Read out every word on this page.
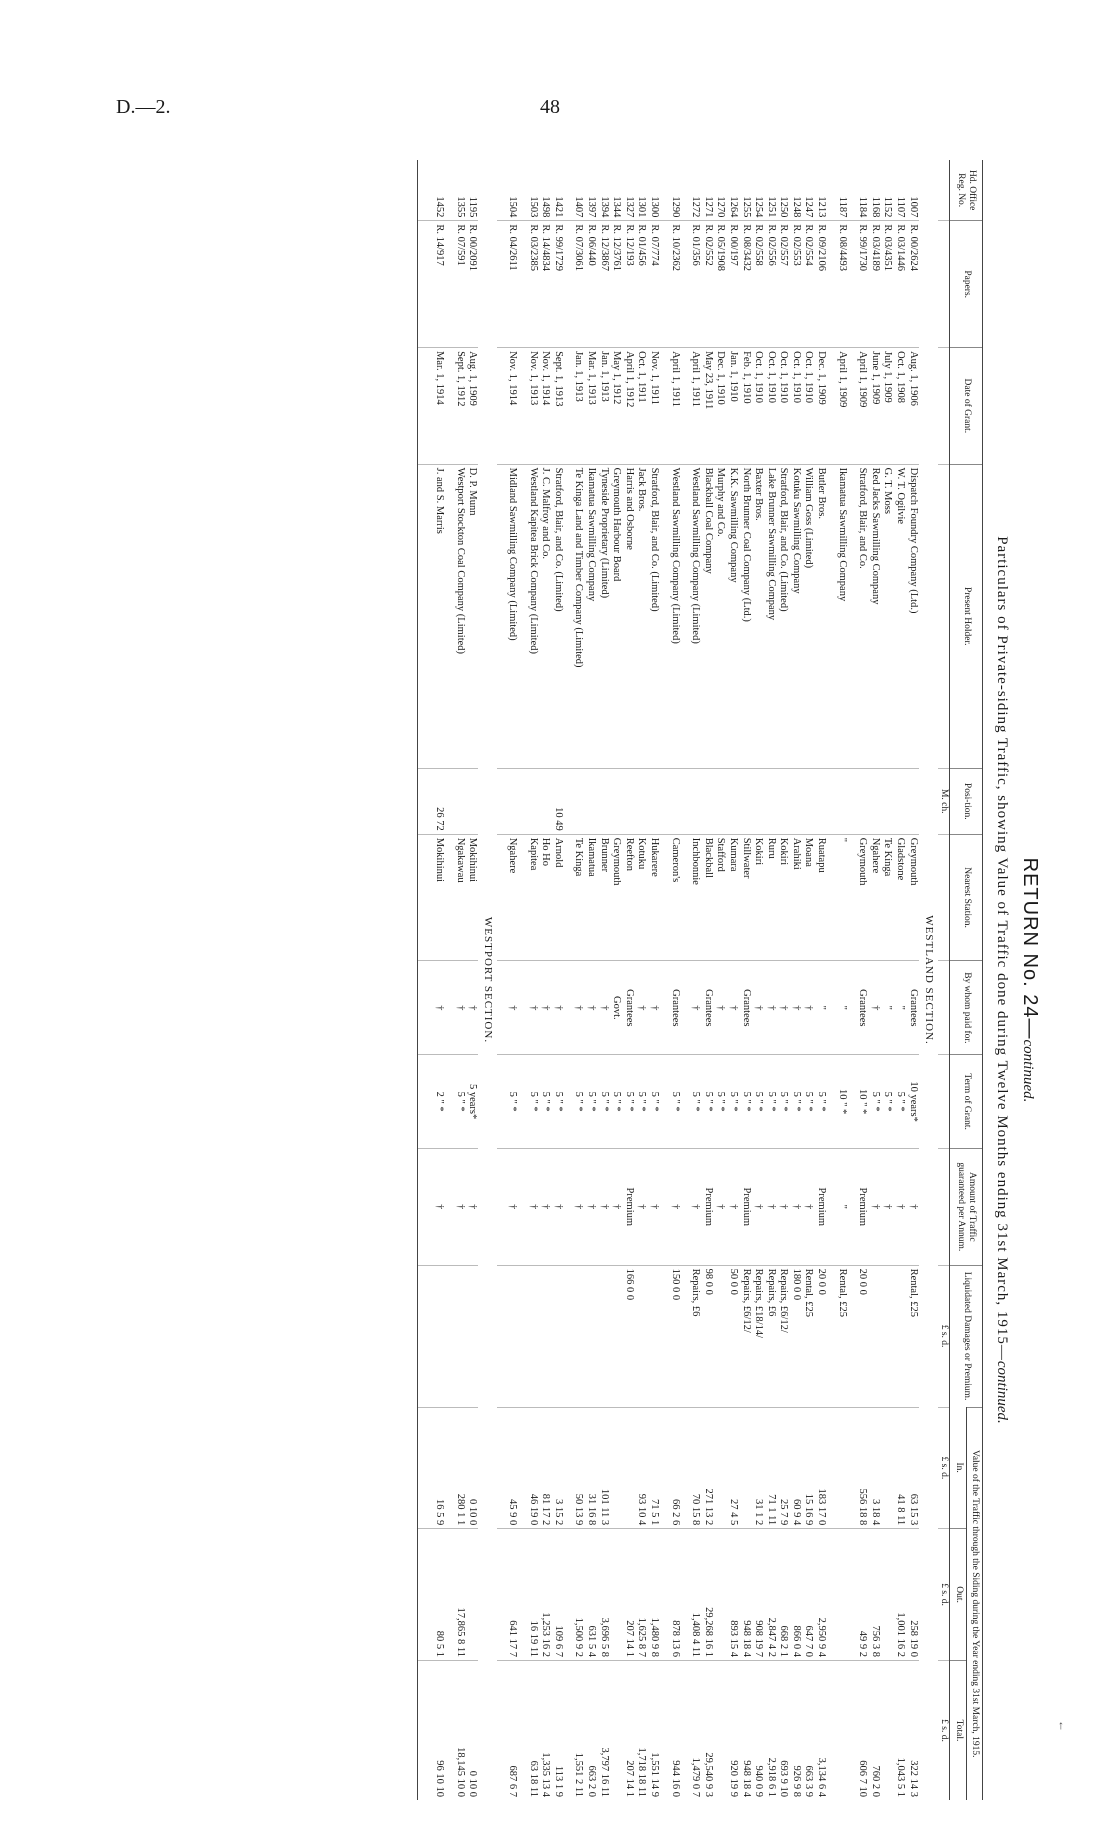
D.—2.	48
↑
RETURN No. 24—continued.
Particulars of Private-siding Traffic, showing Value of Traffic done during Twelve Months ending 31st March, 1915—continued.
Hd. Office Reg. No.	Papers.	Date of Grant.	Present Holder.	Posi-tion.	Nearest Station.	By whom paid for.	Term of Grant.	Amount of Traffic guaranteed per Annum.	Liquidated Damages or Premium.	Value of the Traffic through the Siding during the Year ending 31st March, 1915.		
										In.	Out.	Total.
				M. ch.					£ s. d.	£ s. d.	£ s. d.	£ s. d.
WESTLAND SECTION.												
1007	R. 00/2624	Aug. 1, 1906	Dispatch Foundry Company (Ltd.)		Greymouth	Grantees	10 years*	†	Rental, £25	63 15 3	258 19 0	322 14 3
1107	R. 03/1446	Oct. 1, 1908	W. T. Ogilvie		Gladstone	"	5 " *	†		41 8 11	1,001 16 2	1,043 5 1
1152	R. 03/4351	July 1, 1909	G. T. Moss		Te Kinga	"	5 " *	†				
1168	R. 03/4189	June 1, 1909	Red Jacks Sawmilling Company		Ngahere	†	5 " *	†		3 18 4	756 3 8	760 2 0
1184	R. 99/1730	April 1, 1909	Stratford, Blair, and Co.		Greymouth	Grantees	10 " *	Premium	20 0 0	556 18 8	49 9 2	606 7 10

1187	R. 08/4493	April 1, 1909	Ikamatua Sawmilling Company		"	"	10 " *	"	Rental, £25			

1213	R. 09/2106	Dec. 1, 1909	Butler Bros.		Ruatapu	"	5 " *	Premium	20 0 0	183 17 0	2,950 9 4	3,134 6 4
1247	R. 02/554	Oct. 1, 1910	William Goss (Limited)		Moana	†	5 " *	†	Rental, £25	15 16 9	647 7 0	663 3 9
1248	R. 02/553	Oct. 1, 1910	Kotuku Sawmilling Company		Arahiki	†	5 " *	†	180 0 0	60 9 4	866 0 4	926 9 8
1250	R. 02/557	Oct. 1, 1910	Stratford, Blair, and Co. (Limited)		Kokiri	†	5 " *	†	Repairs, £6/12/	25 7 9	668 2 1	693 9 10
1251	R. 02/556	Oct. 1, 1910	Lake Brunner Sawmilling Company		Ruru	†	5 " *	†	Repairs, £6	71 1 11	2,847 4 2	2,918 6 1
1254	R. 02/558	Oct. 1, 1910	Baxter Bros.		Kokiri	†	5 " *	†	Repairs, £18/14/	31 1 2	908 19 7	940 0 9
1255	R. 08/3432	Feb. 1, 1910	North Brunner Coal Company (Ltd.)		Stillwater	Grantees	5 " *	Premium	Repairs, £6/12/		948 18 4	948 18 4
1264	R. 00/197	Jan. 1, 1910	K.K. Sawmilling Company		Kumara	†	5 " *	†	50 0 0	27 4 5	893 15 4	920 19 9
1270	R. 05/1908	Dec. 1, 1910	Murphy and Co.		Stafford	†	5 " *	†				
1271	R. 02/552	May 23, 1911	Blackball Coal Company		Blackball	Grantees	5 " *	Premium	98 0 0	271 13 2	29,268 16 1	29,540 9 3
1272	R. 01/356	April 1, 1911	Westland Sawmilling Company (Limited)		Inchbonnie	†	5 " *	†	Repairs, £6	70 15 8	1,408 4 11	1,479 0 7

1290	R. 10/2362	April 1, 1911	Westland Sawmilling Company (Limited)		Cameron's	Grantees	5 " *	†	150 0 0	66 2 6	878 13 6	944 16 0

1300	R. 07/774	Nov. 1, 1911	Stratford, Blair, and Co. (Limited)		Hukarere	†	5 " *	†		71 5 1	1,480 9 8	1,551 14 9
1301	R. 01/456	Oct. 1, 1911	Jack Bros.		Kotuku	†	5 " *	†		93 10 4	1,625 8 7	1,718 18 11
1327	R. 12/193	April 1, 1912	Harris and Osborne		Reefton	Grantees	5 " *	Premium	166 0 0		207 14 1	207 14 1
1344	R. 12/3761	May 1, 1912	Greymouth Harbour Board		Greymouth	Govt.	5 " *	†				
1394	R. 12/3867	Jan. 1, 1913	Tyneside Proprietary (Limited)		Brunner	†	5 " *	†		101 11 3	3,696 5 8	3,797 16 11
1397	R. 06/440	Mar. 1, 1913	Ikamatua Sawmilling Company		Ikamatua	†	5 " *	†		31 16 8	631 5 4	663 2 0
1407	R. 07/3061	Jan. 1, 1913	Te Kinga Land and Timber Company (Limited)		Te Kinga	†	5 " *	†		50 13 9	1,500 9 2	1,551 2 11

1421	R. 99/1729	Sept. 1, 1913	Stratford, Blair, and Co. (Limited)	10 49	Arnold	†	5 " *	†		3 15 2	109 6 7	113 1 9
1498	R. 14/4834	Nov. 1, 1914	J. C. Malfroy and Co.		Ho Ho	†	5 " *	†		81 17 2	1,253 16 2	1,335 13 4
1503	R. 03/2385	Nov. 1, 1913	Westland Kapitea Brick Company (Limited)		Kapitea	†	5 " *	†		46 19 0	16 19 11	63 18 11

1504	R. 04/2611	Nov. 1, 1914	Midland Sawmilling Company (Limited)		Ngahere	†	5 " *	†		45 9 0	641 17 7	687 6 7

WESTPORT SECTION.												
1195	R. 00/2091	Aug. 1, 1909	D. P. Munn		Mokihinui	†	5 years*	†		0 10 0		0 10 0
1355	R. 07/591	Sept. 1, 1912	Westport Stockton Coal Company (Limited)		Ngakawau	†	5 " *	†		280 1 1	17,865 8 11	18,145 10 0

1452	R. 14/917	Mar. 1, 1914	J. and S. Marris	26 72	Mokihinui	†	2 " *	†		16 5 9	80 5 1	96 10 10
